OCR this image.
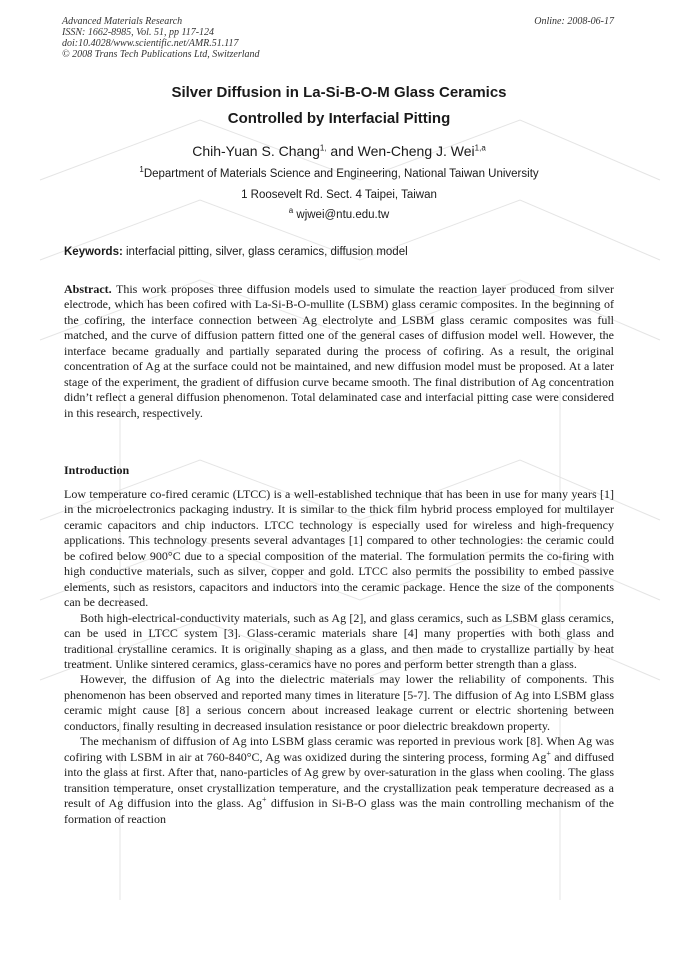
Advanced Materials Research
ISSN: 1662-8985, Vol. 51, pp 117-124
doi:10.4028/www.scientific.net/AMR.51.117
© 2008 Trans Tech Publications Ltd, Switzerland
Online: 2008-06-17
Silver Diffusion in La-Si-B-O-M Glass Ceramics
Controlled by Interfacial Pitting
Chih-Yuan S. Chang$^{1,}$ and Wen-Cheng J. Wei$^{1,a}$
$^1$Department of Materials Science and Engineering, National Taiwan University
1 Roosevelt Rd. Sect. 4 Taipei, Taiwan
$^a$ wjwei@ntu.edu.tw
Keywords: interfacial pitting, silver, glass ceramics, diffusion model

Abstract. This work proposes three diffusion models used to simulate the reaction layer produced from silver electrode, which has been cofired with La-Si-B-O-mullite (LSBM) glass ceramic composites. In the beginning of the cofiring, the interface connection between Ag electrolyte and LSBM glass ceramic composites was full matched, and the curve of diffusion pattern fitted one of the general cases of diffusion model well. However, the interface became gradually and partially separated during the process of cofiring. As a result, the original concentration of Ag at the surface could not be maintained, and new diffusion model must be proposed. At a later stage of the experiment, the gradient of diffusion curve became smooth. The final distribution of Ag concentration didn’t reflect a general diffusion phenomenon. Total delaminated case and interfacial pitting case were considered in this research, respectively.

Introduction

Low temperature co-fired ceramic (LTCC) is a well-established technique that has been in use for many years [1] in the microelectronics packaging industry. It is similar to the thick film hybrid process employed for multilayer ceramic capacitors and chip inductors. LTCC technology is especially used for wireless and high-frequency applications. This technology presents several advantages [1] compared to other technologies: the ceramic could be cofired below 900°C due to a special composition of the material. The formulation permits the co-firing with high conductive materials, such as silver, copper and gold. LTCC also permits the possibility to embed passive elements, such as resistors, capacitors and inductors into the ceramic package. Hence the size of the components can be decreased.

Both high-electrical-conductivity materials, such as Ag [2], and glass ceramics, such as LSBM glass ceramics, can be used in LTCC system [3]. Glass-ceramic materials share [4] many properties with both glass and traditional crystalline ceramics. It is originally shaping as a glass, and then made to crystallize partially by heat treatment. Unlike sintered ceramics, glass-ceramics have no pores and perform better strength than a glass.

However, the diffusion of Ag into the dielectric materials may lower the reliability of components. This phenomenon has been observed and reported many times in literature [5-7]. The diffusion of Ag into LSBM glass ceramic might cause [8] a serious concern about increased leakage current or electric shortening between conductors, finally resulting in decreased insulation resistance or poor dielectric breakdown property.

The mechanism of diffusion of Ag into LSBM glass ceramic was reported in previous work [8]. When Ag was cofiring with LSBM in air at 760-840°C, Ag was oxidized during the sintering process, forming Ag+ and diffused into the glass at first. After that, nano-particles of Ag grew by over-saturation in the glass when cooling. The glass transition temperature, onset crystallization temperature, and the crystallization peak temperature decreased as a result of Ag diffusion into the glass. Ag+ diffusion in Si-B-O glass was the main controlling mechanism of the formation of reaction
